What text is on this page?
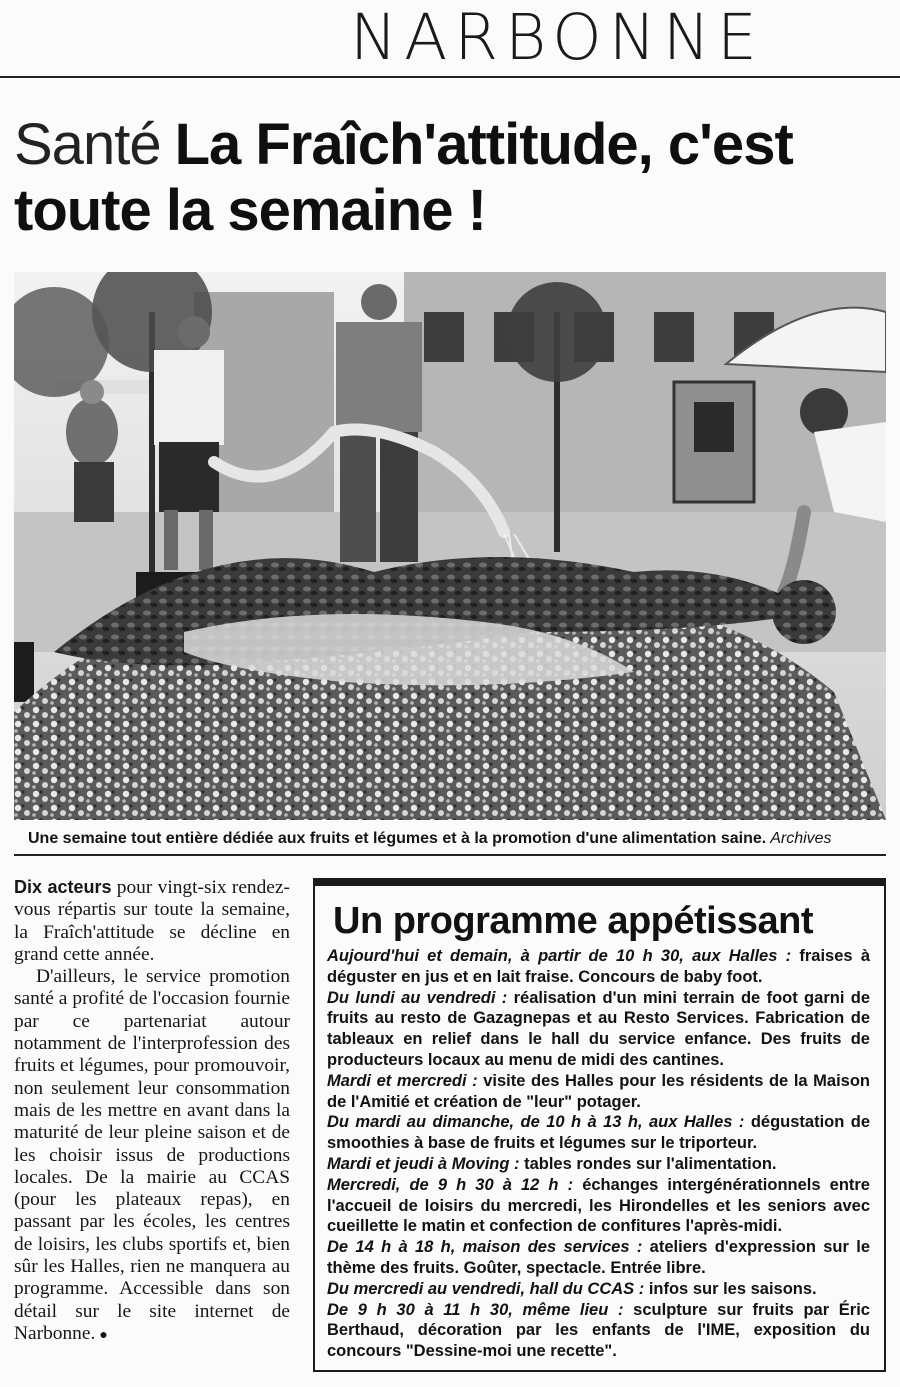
NARBONNE
Santé La Fraîch'attitude, c'est toute la semaine !
Une semaine tout entière dédiée aux fruits et légumes et à la promotion d'une alimentation saine. Archives

Dix acteurs pour vingt-six rendez-vous répartis sur toute la semaine, la Fraîch'attitude se décline en grand cette année.

D'ailleurs, le service promotion santé a profité de l'occasion fournie par ce partenariat autour notamment de l'interprofession des fruits et légumes, pour promouvoir, non seulement leur consommation mais de les mettre en avant dans la maturité de leur pleine saison et de les choisir issus de productions locales. De la mairie au CCAS (pour les plateaux repas), en passant par les écoles, les centres de loisirs, les clubs sportifs et, bien sûr les Halles, rien ne manquera au programme. Accessible dans son détail sur le site internet de Narbonne. ●

Un programme appétissant

Aujourd'hui et demain, à partir de 10 h 30, aux Halles : fraises à déguster en jus et en lait fraise. Concours de baby foot.

Du lundi au vendredi : réalisation d'un mini terrain de foot garni de fruits au resto de Gazagnepas et au Resto Services. Fabrication de tableaux en relief dans le hall du service enfance. Des fruits de producteurs locaux au menu de midi des cantines.

Mardi et mercredi : visite des Halles pour les résidents de la Maison de l'Amitié et création de "leur" potager.

Du mardi au dimanche, de 10 h à 13 h, aux Halles : dégustation de smoothies à base de fruits et légumes sur le triporteur.

Mardi et jeudi à Moving : tables rondes sur l'alimentation.

Mercredi, de 9 h 30 à 12 h : échanges intergénérationnels entre l'accueil de loisirs du mercredi, les Hirondelles et les seniors avec cueillette le matin et confection de confitures l'après-midi.

De 14 h à 18 h, maison des services : ateliers d'expression sur le thème des fruits. Goûter, spectacle. Entrée libre.

Du mercredi au vendredi, hall du CCAS : infos sur les saisons.

De 9 h 30 à 11 h 30, même lieu : sculpture sur fruits par Éric Berthaud, décoration par les enfants de l'IME, exposition du concours "Dessine-moi une recette".
